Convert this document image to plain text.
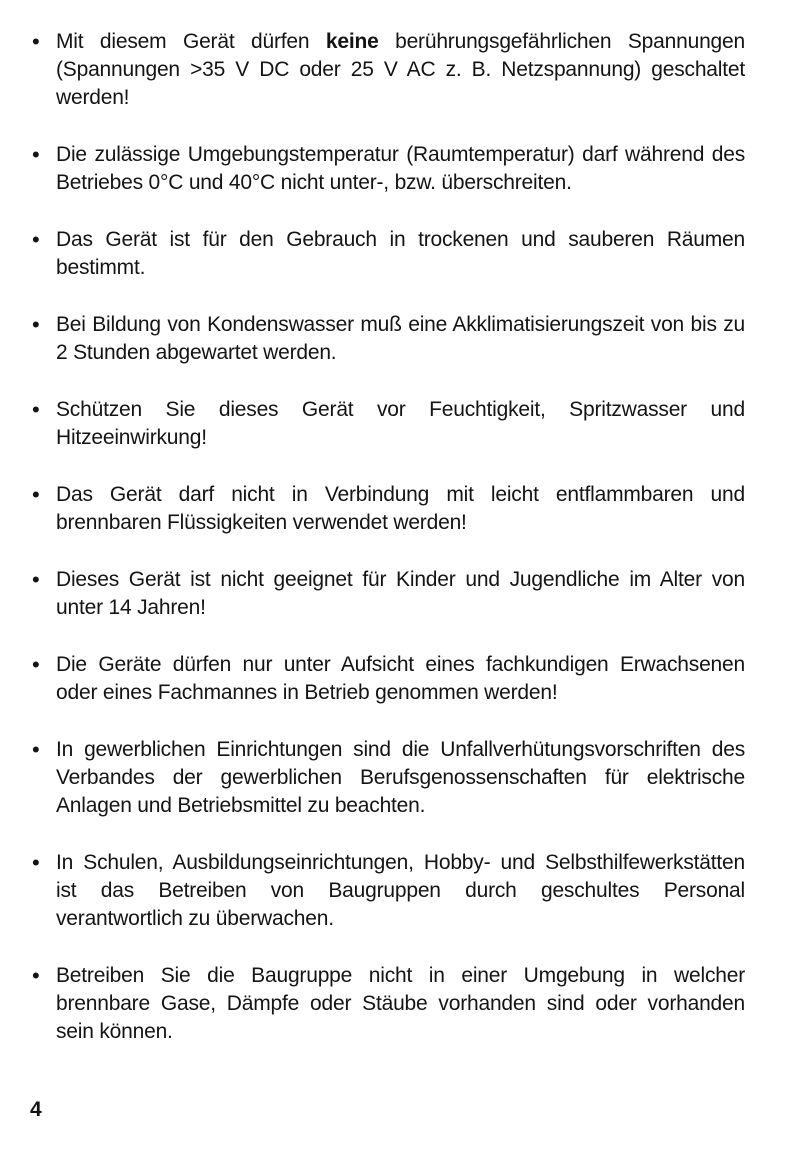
• Mit diesem Gerät dürfen keine berührungsgefährlichen Spannungen (Spannungen >35 V DC oder 25 V AC z. B. Netzspannung) geschaltet werden!
• Die zulässige Umgebungstemperatur (Raumtemperatur) darf während des Betriebes 0°C und 40°C nicht unter-, bzw. überschreiten.
• Das Gerät ist für den Gebrauch in trockenen und sauberen Räumen bestimmt.
• Bei Bildung von Kondenswasser muß eine Akklimatisierungszeit von bis zu 2 Stunden abgewartet werden.
• Schützen Sie dieses Gerät vor Feuchtigkeit, Spritzwasser und Hitzeeinwirkung!
• Das Gerät darf nicht in Verbindung mit leicht entflammbaren und brennbaren Flüssigkeiten verwendet werden!
• Dieses Gerät ist nicht geeignet für Kinder und Jugendliche im Alter von unter 14 Jahren!
• Die Geräte dürfen nur unter Aufsicht eines fachkundigen Erwachsenen oder eines Fachmannes in Betrieb genommen werden!
• In gewerblichen Einrichtungen sind die Unfallverhütungsvorschriften des Verbandes der gewerblichen Berufsgenossenschaften für elektrische Anlagen und Betriebsmittel zu beachten.
• In Schulen, Ausbildungseinrichtungen, Hobby- und Selbsthilfewerkstätten ist das Betreiben von Baugruppen durch geschultes Personal verantwortlich zu überwachen.
• Betreiben Sie die Baugruppe nicht in einer Umgebung in welcher brennbare Gase, Dämpfe oder Stäube vorhanden sind oder vorhanden sein können.
4
